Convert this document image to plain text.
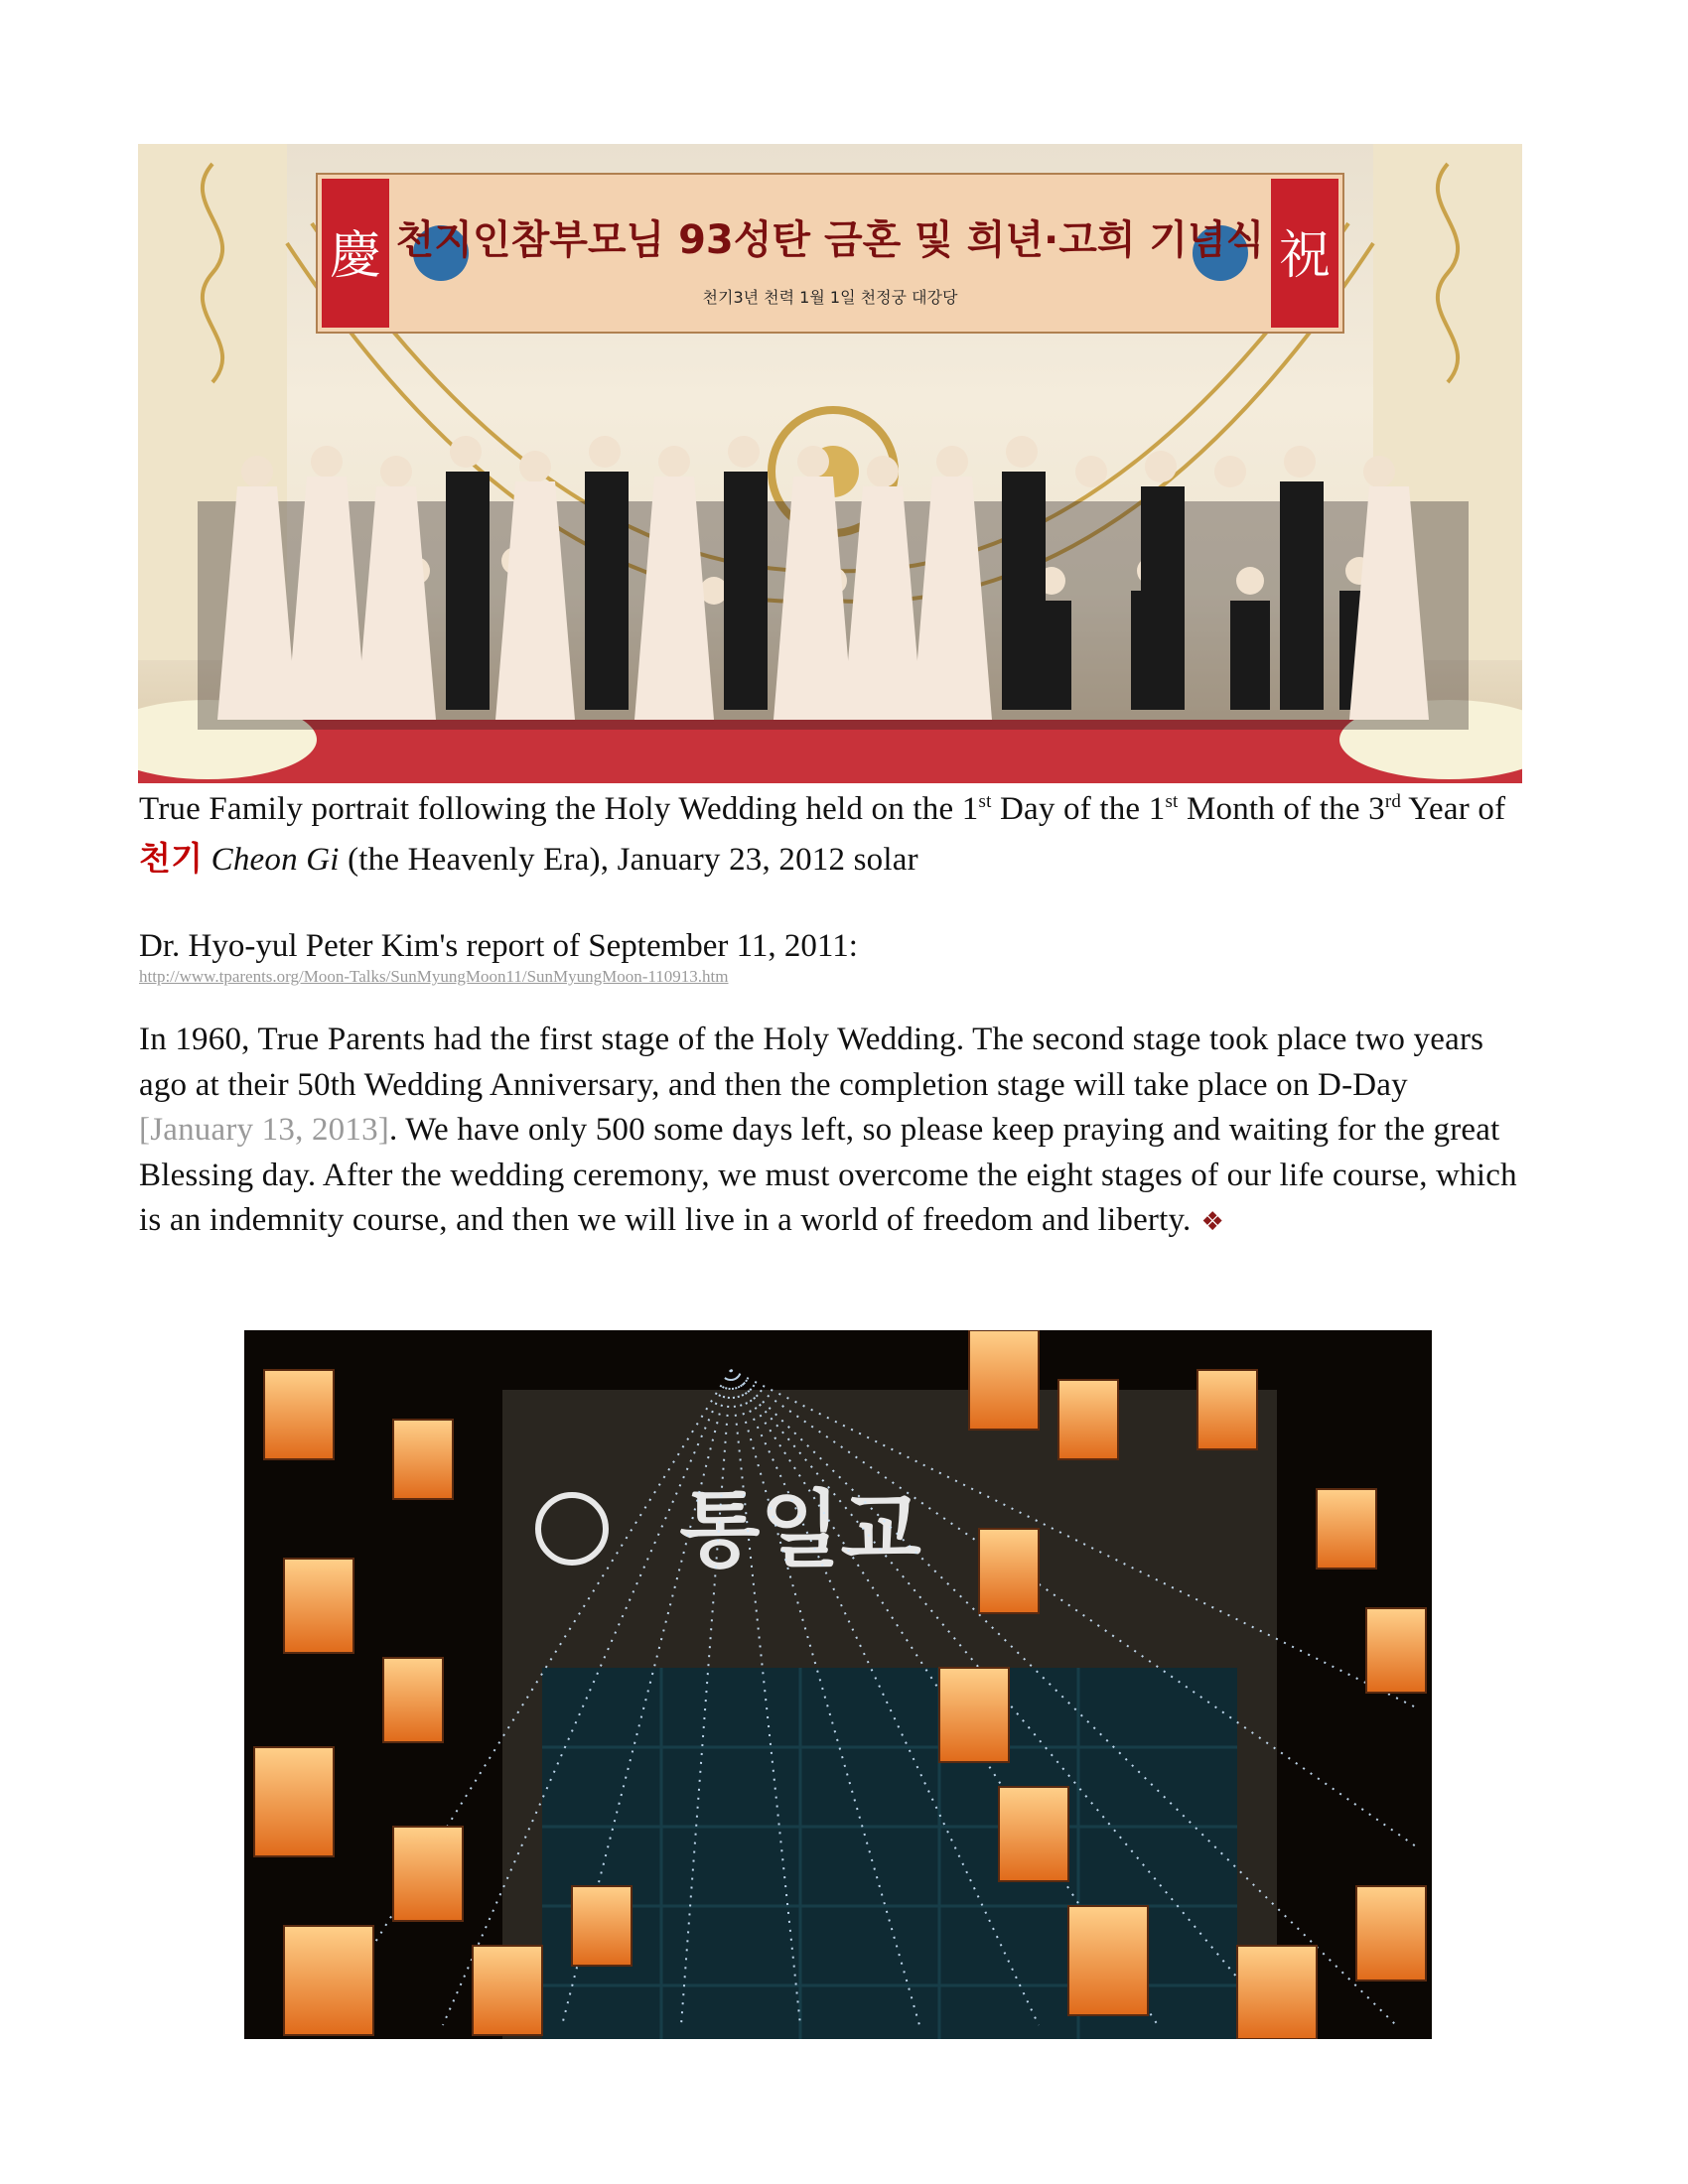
慶	祝
천지인참부모님 93성탄 금혼 및 희년·고희 기념식
천기3년 천력 1월 1일 천정궁 대강당
True Family portrait following the Holy Wedding held on the 1st Day of the 1st Month of the 3rd Year of 천기 Cheon Gi (the Heavenly Era), January 23, 2012 solar
Dr. Hyo-yul Peter Kim's report of September 11, 2011:
http://www.tparents.org/Moon-Talks/SunMyungMoon11/SunMyungMoon-110913.htm
In 1960, True Parents had the first stage of the Holy Wedding. The second stage took place two years ago at their 50th Wedding Anniversary, and then the completion stage will take place on D-Day [January 13, 2013]. We have only 500 some days left, so please keep praying and waiting for the great Blessing day. After the wedding ceremony, we must overcome the eight stages of our life course, which is an indemnity course, and then we will live in a world of freedom and liberty. ❖
통일교
